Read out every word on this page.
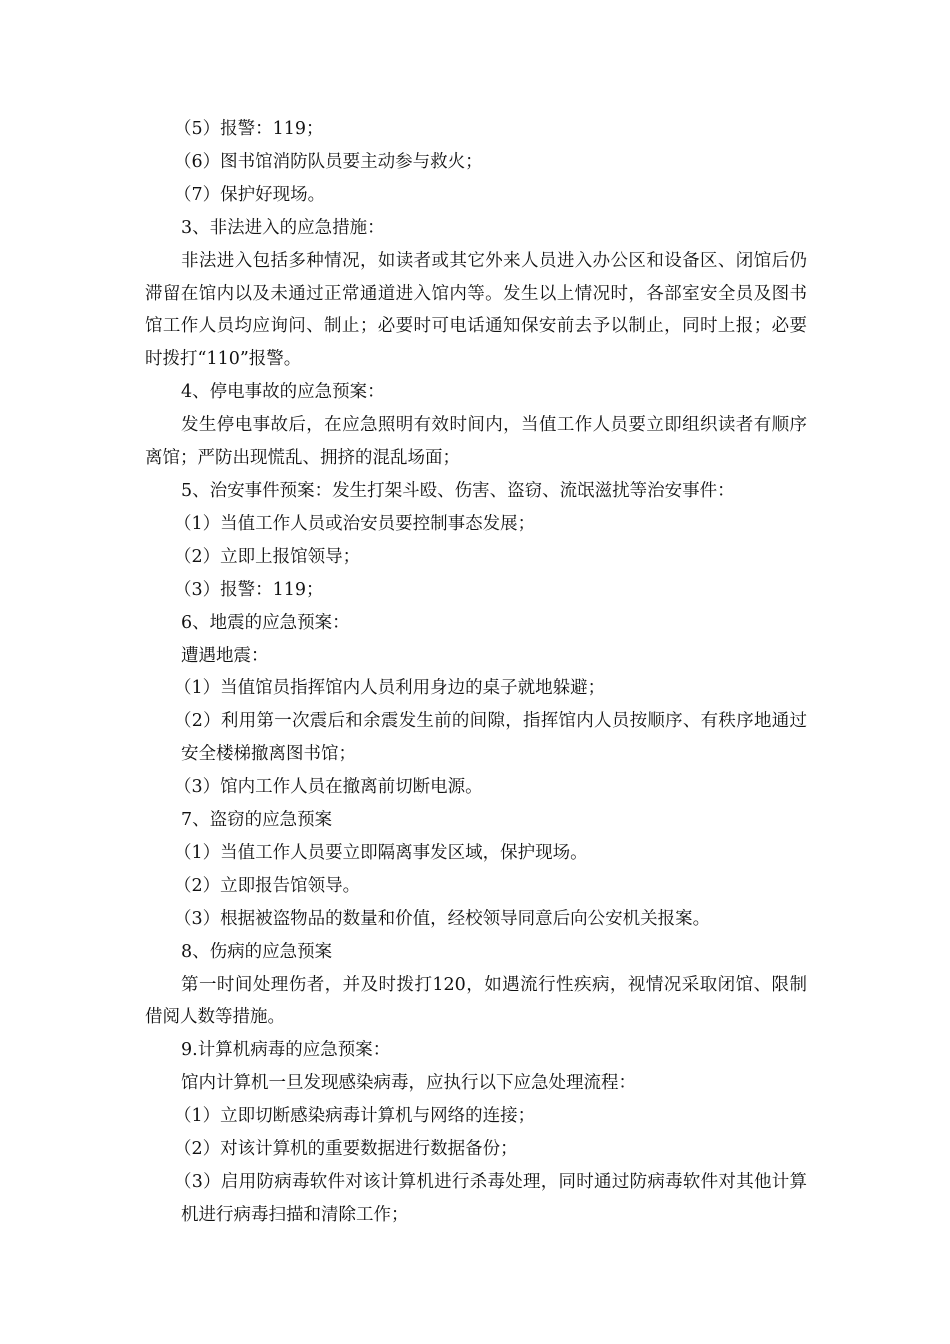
（5）报警：119；

（6）图书馆消防队员要主动参与救火；

（7）保护好现场。

3、非法进入的应急措施：

非法进入包括多种情况，如读者或其它外来人员进入办公区和设备区、闭馆后仍滞留在馆内以及未通过正常通道进入馆内等。发生以上情况时，各部室安全员及图书馆工作人员均应询问、制止；必要时可电话通知保安前去予以制止，同时上报；必要时拨打“110”报警。

4、停电事故的应急预案：

发生停电事故后，在应急照明有效时间内，当值工作人员要立即组织读者有顺序离馆；严防出现慌乱、拥挤的混乱场面；

5、治安事件预案：发生打架斗殴、伤害、盗窃、流氓滋扰等治安事件：

（1）当值工作人员或治安员要控制事态发展；

（2）立即上报馆领导；

（3）报警：119；

6、地震的应急预案：

遭遇地震：

（1）当值馆员指挥馆内人员利用身边的桌子就地躲避；

（2）利用第一次震后和余震发生前的间隙，指挥馆内人员按顺序、有秩序地通过安全楼梯撤离图书馆；

（3）馆内工作人员在撤离前切断电源。

7、盗窃的应急预案

（1）当值工作人员要立即隔离事发区域，保护现场。

（2）立即报告馆领导。

（3）根据被盗物品的数量和价值，经校领导同意后向公安机关报案。

8、伤病的应急预案

第一时间处理伤者，并及时拨打120，如遇流行性疾病，视情况采取闭馆、限制借阅人数等措施。

9.计算机病毒的应急预案：

馆内计算机一旦发现感染病毒，应执行以下应急处理流程：

（1）立即切断感染病毒计算机与网络的连接；

（2）对该计算机的重要数据进行数据备份；

（3）启用防病毒软件对该计算机进行杀毒处理，同时通过防病毒软件对其他计算机进行病毒扫描和清除工作；
